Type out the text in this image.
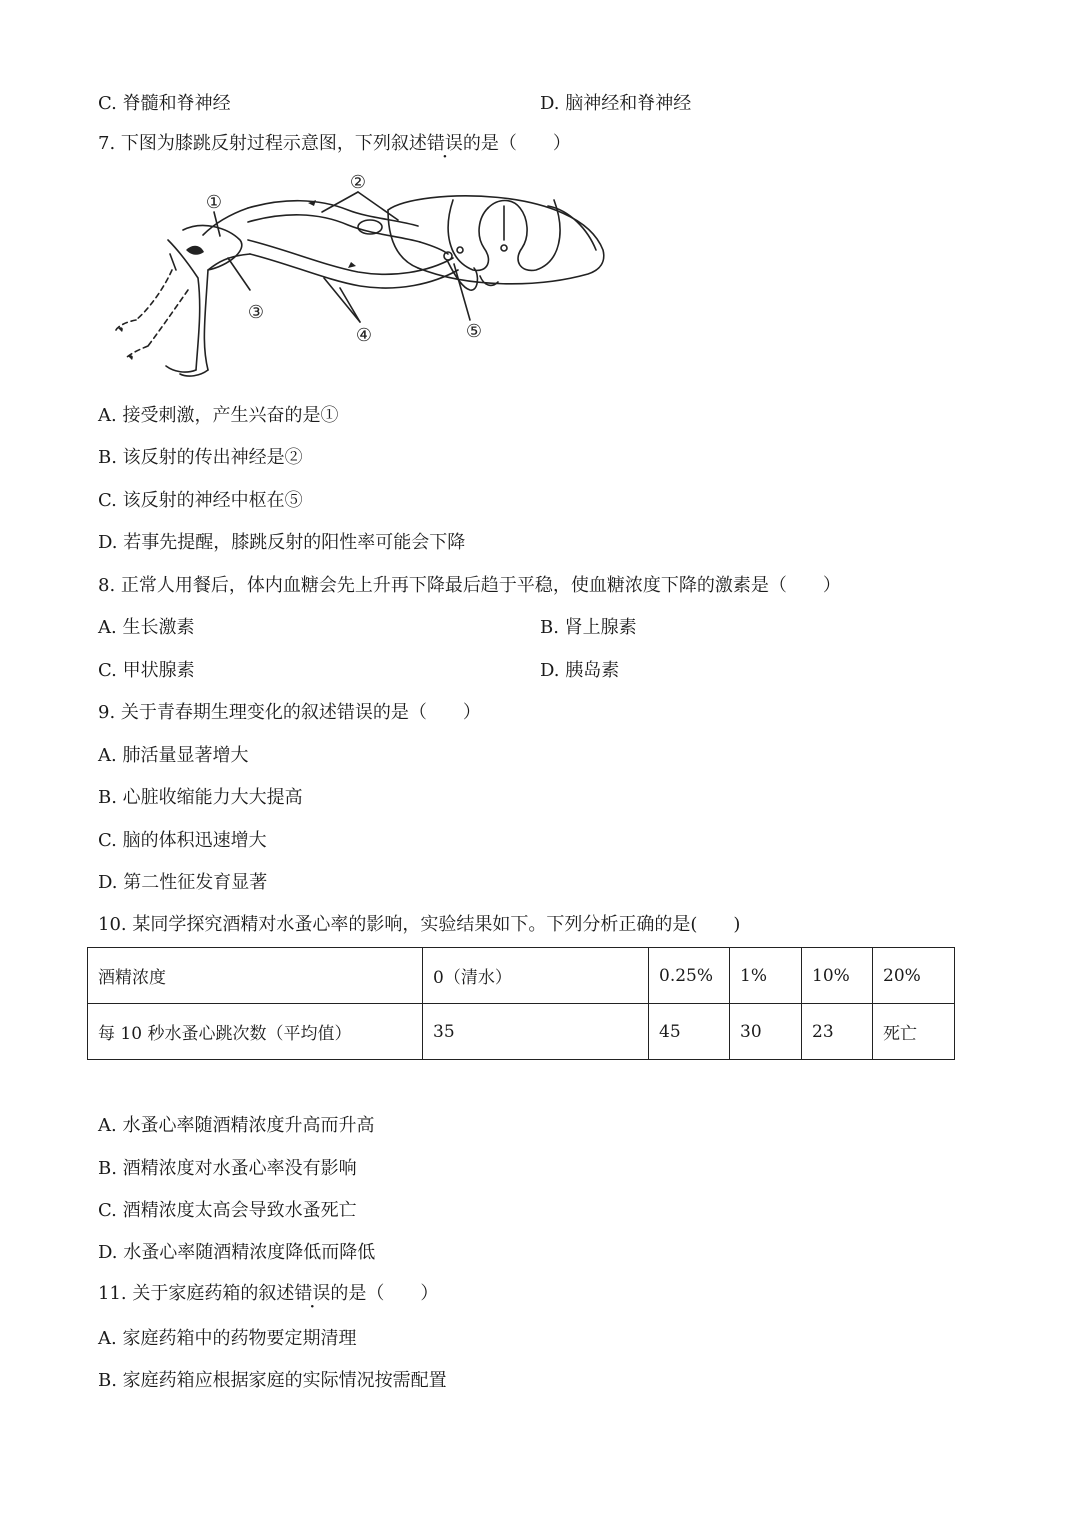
C. 脊髓和脊神经	D. 脑神经和脊神经
7. 下图为膝跳反射过程示意图，下列叙述错误的是（　　）
①
②
③
④	⑤
A. 接受刺激，产生兴奋的是①
B. 该反射的传出神经是②
C. 该反射的神经中枢在⑤
D. 若事先提醒，膝跳反射的阳性率可能会下降
8. 正常人用餐后，体内血糖会先上升再下降最后趋于平稳，使血糖浓度下降的激素是（　　）
A. 生长激素	B. 肾上腺素
C. 甲状腺素	D. 胰岛素
9. 关于青春期生理变化的叙述错误的是（　　）
A. 肺活量显著增大
B. 心脏收缩能力大大提高
C. 脑的体积迅速增大
D. 第二性征发育显著
10. 某同学探究酒精对水蚤心率的影响，实验结果如下。下列分析正确的是(　　)
酒精浓度	0（清水）	0.25%	1%	10%	20%
每 10 秒水蚤心跳次数（平均值）	35	45	30	23	死亡
A. 水蚤心率随酒精浓度升高而升高
B. 酒精浓度对水蚤心率没有影响
C. 酒精浓度太高会导致水蚤死亡
D. 水蚤心率随酒精浓度降低而降低
11. 关于家庭药箱的叙述错误的是（　　）
A. 家庭药箱中的药物要定期清理
B. 家庭药箱应根据家庭的实际情况按需配置
